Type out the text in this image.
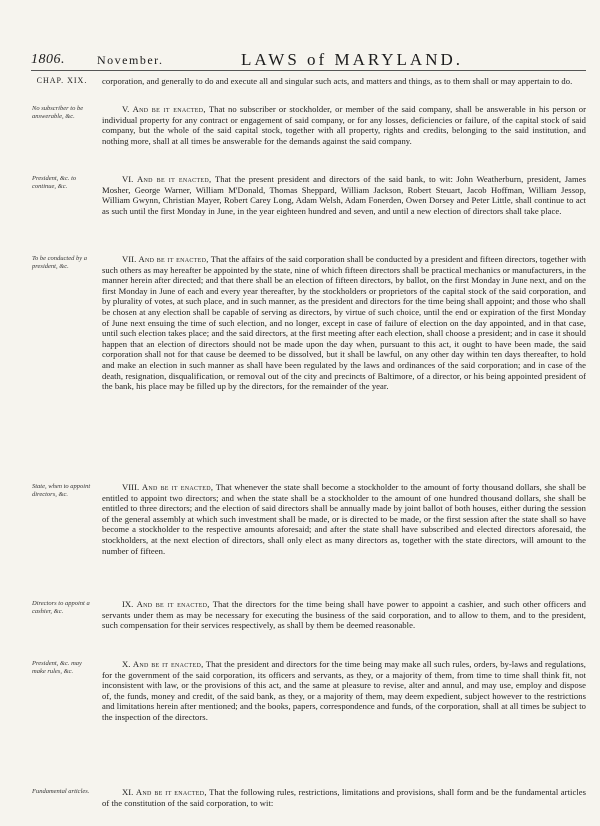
1806.	November.	LAWS of MARYLAND.
CHAP. XIX.	corporation, and generally to do and execute all and singular such acts, and matters and things, as to them shall or may appertain to do.
No subscriber to be answerable, &c.
V. And be it enacted, That no subscriber or stockholder, or member of the said company, shall be answerable in his person or individual property for any contract or engagement of said company, or for any losses, deficiencies or failure, of the capital stock of said company, but the whole of the said capital stock, together with all property, rights and credits, belonging to the said institution, and nothing more, shall at all times be answerable for the demands against the said company.
President, &c. to continue, &c.
VI. And be it enacted, That the present president and directors of the said bank, to wit: John Weatherburn, president, James Mosher, George Warner, William M'Donald, Thomas Sheppard, William Jackson, Robert Steuart, Jacob Hoffman, William Jessop, William Gwynn, Christian Mayer, Robert Carey Long, Adam Welsh, Adam Fonerden, Owen Dorsey and Peter Little, shall continue to act as such until the first Monday in June, in the year eighteen hundred and seven, and until a new election of directors shall take place.
To be conducted by a president, &c.
VII. And be it enacted, That the affairs of the said corporation shall be conducted by a president and fifteen directors, together with such others as may hereafter be appointed by the state, nine of which fifteen directors shall be practical mechanics or manufacturers, in the manner herein after directed; and that there shall be an election of fifteen directors, by ballot, on the first Monday in June next, and on the first Monday in June of each and every year thereafter, by the stockholders or proprietors of the capital stock of the said corporation, and by plurality of votes, at such place, and in such manner, as the president and directors for the time being shall appoint; and those who shall be chosen at any election shall be capable of serving as directors, by virtue of such choice, until the end or expiration of the first Monday of June next ensuing the time of such election, and no longer, except in case of failure of election on the day appointed, and in that case, until such election takes place; and the said directors, at the first meeting after each election, shall choose a president; and in case it should happen that an election of directors should not be made upon the day when, pursuant to this act, it ought to have been made, the said corporation shall not for that cause be deemed to be dissolved, but it shall be lawful, on any other day within ten days thereafter, to hold and make an election in such manner as shall have been regulated by the laws and ordinances of the said corporation; and in case of the death, resignation, disqualification, or removal out of the city and precincts of Baltimore, of a director, or his being appointed president of the bank, his place may be filled up by the directors, for the remainder of the year.
State, when to appoint directors, &c.
VIII. And be it enacted, That whenever the state shall become a stockholder to the amount of forty thousand dollars, she shall be entitled to appoint two directors; and when the state shall be a stockholder to the amount of one hundred thousand dollars, she shall be entitled to three directors; and the election of said directors shall be annually made by joint ballot of both houses, either during the session of the general assembly at which such investment shall be made, or is directed to be made, or the first session after the state shall so have become a stockholder to the respective amounts aforesaid; and after the state shall have subscribed and elected directors aforesaid, the stockholders, at the next election of directors, shall only elect as many directors as, together with the state directors, will amount to the number of fifteen.
Directors to appoint a cashier, &c.
IX. And be it enacted, That the directors for the time being shall have power to appoint a cashier, and such other officers and servants under them as may be necessary for executing the business of the said corporation, and to allow to them, and to the president, such compensation for their services respectively, as shall by them be deemed reasonable.
President, &c. may make rules, &c.
X. And be it enacted, That the president and directors for the time being may make all such rules, orders, by-laws and regulations, for the government of the said corporation, its officers and servants, as they, or a majority of them, from time to time shall think fit, not inconsistent with law, or the provisions of this act, and the same at pleasure to revise, alter and annul, and may use, employ and dispose of, the funds, money and credit, of the said bank, as they, or a majority of them, may deem expedient, subject however to the restrictions and limitations herein after mentioned; and the books, papers, correspondence and funds, of the corporation, shall at all times be subject to the inspection of the directors.
Fundamental articles.	XI. And be it enacted, That the following rules, restrictions, limitations and provisions, shall form and be the fundamental articles of the constitution of the said corporation, to wit:
